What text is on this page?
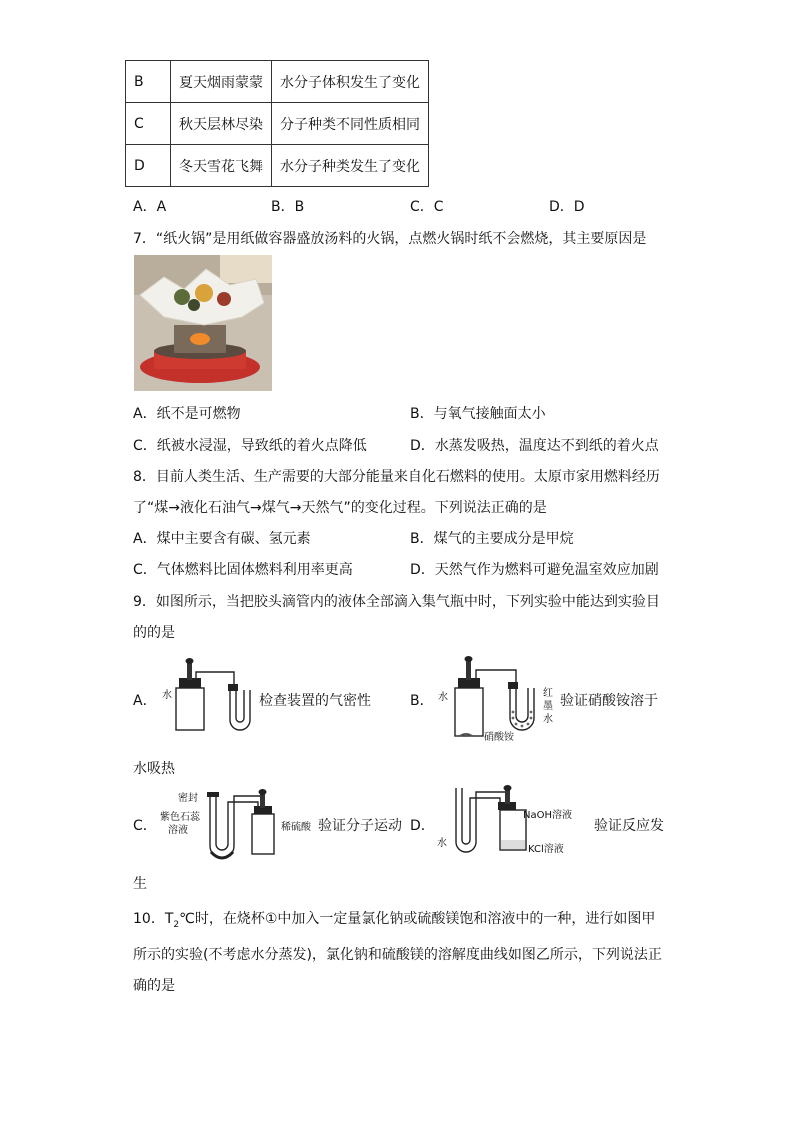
B	夏天烟雨蒙蒙	水分子体积发生了变化
C	秋天层林尽染	分子种类不同性质相同
D	冬天雪花飞舞	水分子种类发生了变化
A．A	B．B	C．C	D．D
7．“纸火锅”是用纸做容器盛放汤料的火锅，点燃火锅时纸不会燃烧，其主要原因是
A．纸不是可燃物	B．与氧气接触面太小
C．纸被水浸湿，导致纸的着火点降低	D．水蒸发吸热，温度达不到纸的着火点
8．目前人类生活、生产需要的大部分能量来自化石燃料的使用。太原市家用燃料经历
了“煤→液化石油气→煤气→天然气”的变化过程。下列说法正确的是
A．煤中主要含有碳、氢元素	B．煤气的主要成分是甲烷
C．气体燃料比固体燃料利用率更高	D．天然气作为燃料可避免温室效应加剧
9．如图所示，当把胶头滴管内的液体全部滴入集气瓶中时，下列实验中能达到实验目
的的是
A． 水	检查装置的气密性	B． 水	红
墨
水
硝酸铵
验证硝酸铵溶于
水吸热
C．
密封
紫色石蕊
溶液	稀硫酸 验证分子运动 D．
NaOH溶液
KCl溶液
水
验证反应发
生
10．$T_2℃$时，在烧杯①中加入一定量氯化钠或硫酸镁饱和溶液中的一种，进行如图甲
所示的实验(不考虑水分蒸发)，氯化钠和硫酸镁的溶解度曲线如图乙所示，下列说法正
确的是
